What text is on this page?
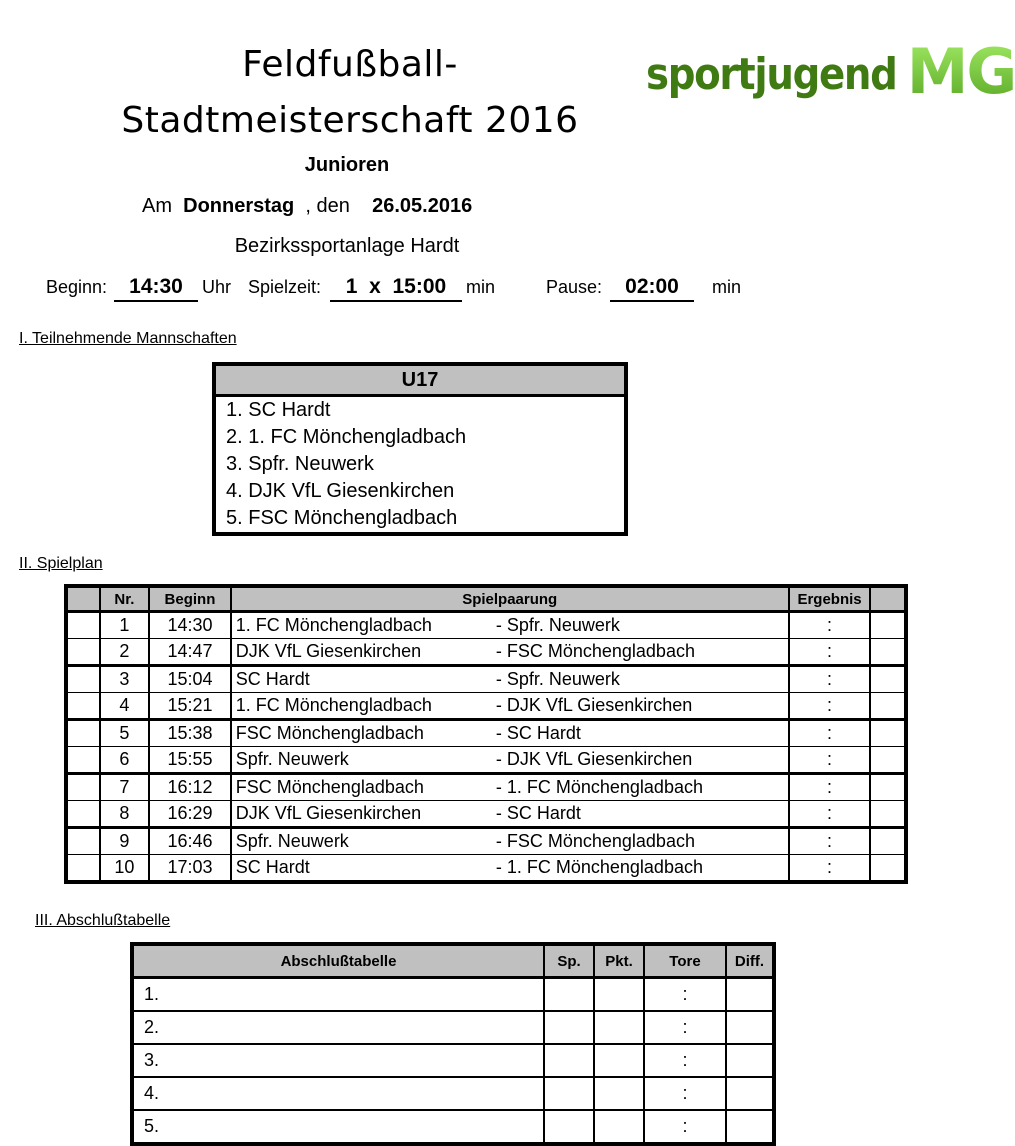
Feldfußball-
Stadtmeisterschaft 2016
sportjugend MG
Junioren
Am Donnerstag , den 26.05.2016
Bezirkssportanlage Hardt
Beginn:	14:30	Uhr Spielzeit:	1  x  15:00	min	Pause:	02:00	min
I. Teilnehmende Mannschaften
U17
1. SC Hardt
2. 1. FC Mönchengladbach
3. Spfr. Neuwerk
4. DJK VfL Giesenkirchen
5. FSC Mönchengladbach
II. Spielplan
	Nr.	Beginn	Spielpaarung		Ergebnis	
	1	14:30	1. FC Mönchengladbach	- Spfr. Neuwerk	:	
	2	14:47	DJK VfL Giesenkirchen	- FSC Mönchengladbach	:	
	3	15:04	SC Hardt	- Spfr. Neuwerk	:	
	4	15:21	1. FC Mönchengladbach	- DJK VfL Giesenkirchen	:	
	5	15:38	FSC Mönchengladbach	- SC Hardt	:	
	6	15:55	Spfr. Neuwerk	- DJK VfL Giesenkirchen	:	
	7	16:12	FSC Mönchengladbach	- 1. FC Mönchengladbach	:	
	8	16:29	DJK VfL Giesenkirchen	- SC Hardt	:	
	9	16:46	Spfr. Neuwerk	- FSC Mönchengladbach	:	
	10	17:03	SC Hardt	- 1. FC Mönchengladbach	:	
III. Abschlußtabelle
Abschlußtabelle	Sp.	Pkt.	Tore	Diff.
1.			:	
2.			:	
3.			:	
4.			:	
5.			:	
